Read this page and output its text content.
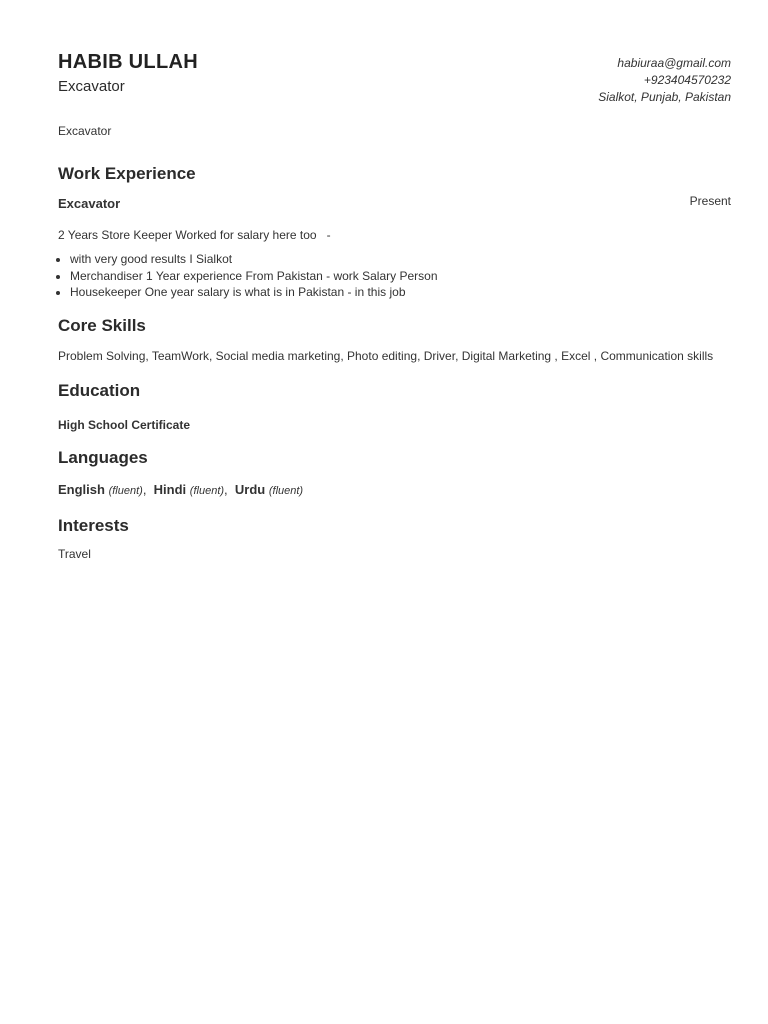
HABIB ULLAH
Excavator
habiuraa@gmail.com
+923404570232
Sialkot, Punjab, Pakistan
Excavator
Work Experience
Excavator	Present
2 Years Store Keeper Worked for salary here too   -
• with very good results I Sialkot
• Merchandiser 1 Year experience From Pakistan - work Salary Person
• Housekeeper One year salary is what is in Pakistan - in this job
Core Skills
Problem Solving, TeamWork, Social media marketing, Photo editing, Driver, Digital Marketing , Excel , Communication skills
Education
High School Certificate
Languages
English (fluent),  Hindi (fluent),  Urdu (fluent)
Interests
Travel
